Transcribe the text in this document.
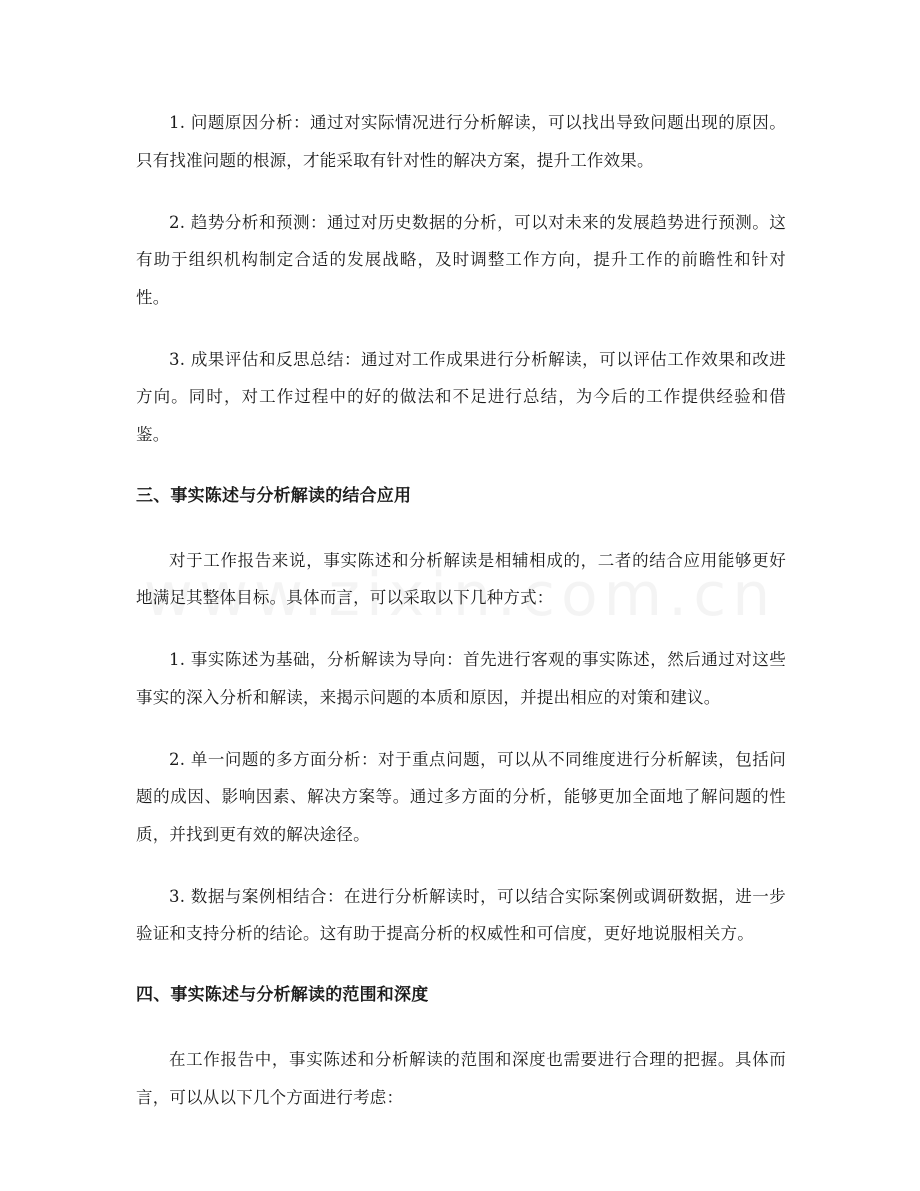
1. 问题原因分析：通过对实际情况进行分析解读，可以找出导致问题出现的原因。只有找准问题的根源，才能采取有针对性的解决方案，提升工作效果。

2. 趋势分析和预测：通过对历史数据的分析，可以对未来的发展趋势进行预测。这有助于组织机构制定合适的发展战略，及时调整工作方向，提升工作的前瞻性和针对性。

3. 成果评估和反思总结：通过对工作成果进行分析解读，可以评估工作效果和改进方向。同时，对工作过程中的好的做法和不足进行总结，为今后的工作提供经验和借鉴。

三、事实陈述与分析解读的结合应用

对于工作报告来说，事实陈述和分析解读是相辅相成的，二者的结合应用能够更好地满足其整体目标。具体而言，可以采取以下几种方式：

1. 事实陈述为基础，分析解读为导向：首先进行客观的事实陈述，然后通过对这些事实的深入分析和解读，来揭示问题的本质和原因，并提出相应的对策和建议。

2. 单一问题的多方面分析：对于重点问题，可以从不同维度进行分析解读，包括问题的成因、影响因素、解决方案等。通过多方面的分析，能够更加全面地了解问题的性质，并找到更有效的解决途径。

3. 数据与案例相结合：在进行分析解读时，可以结合实际案例或调研数据，进一步验证和支持分析的结论。这有助于提高分析的权威性和可信度，更好地说服相关方。

四、事实陈述与分析解读的范围和深度

在工作报告中，事实陈述和分析解读的范围和深度也需要进行合理的把握。具体而言，可以从以下几个方面进行考虑：
